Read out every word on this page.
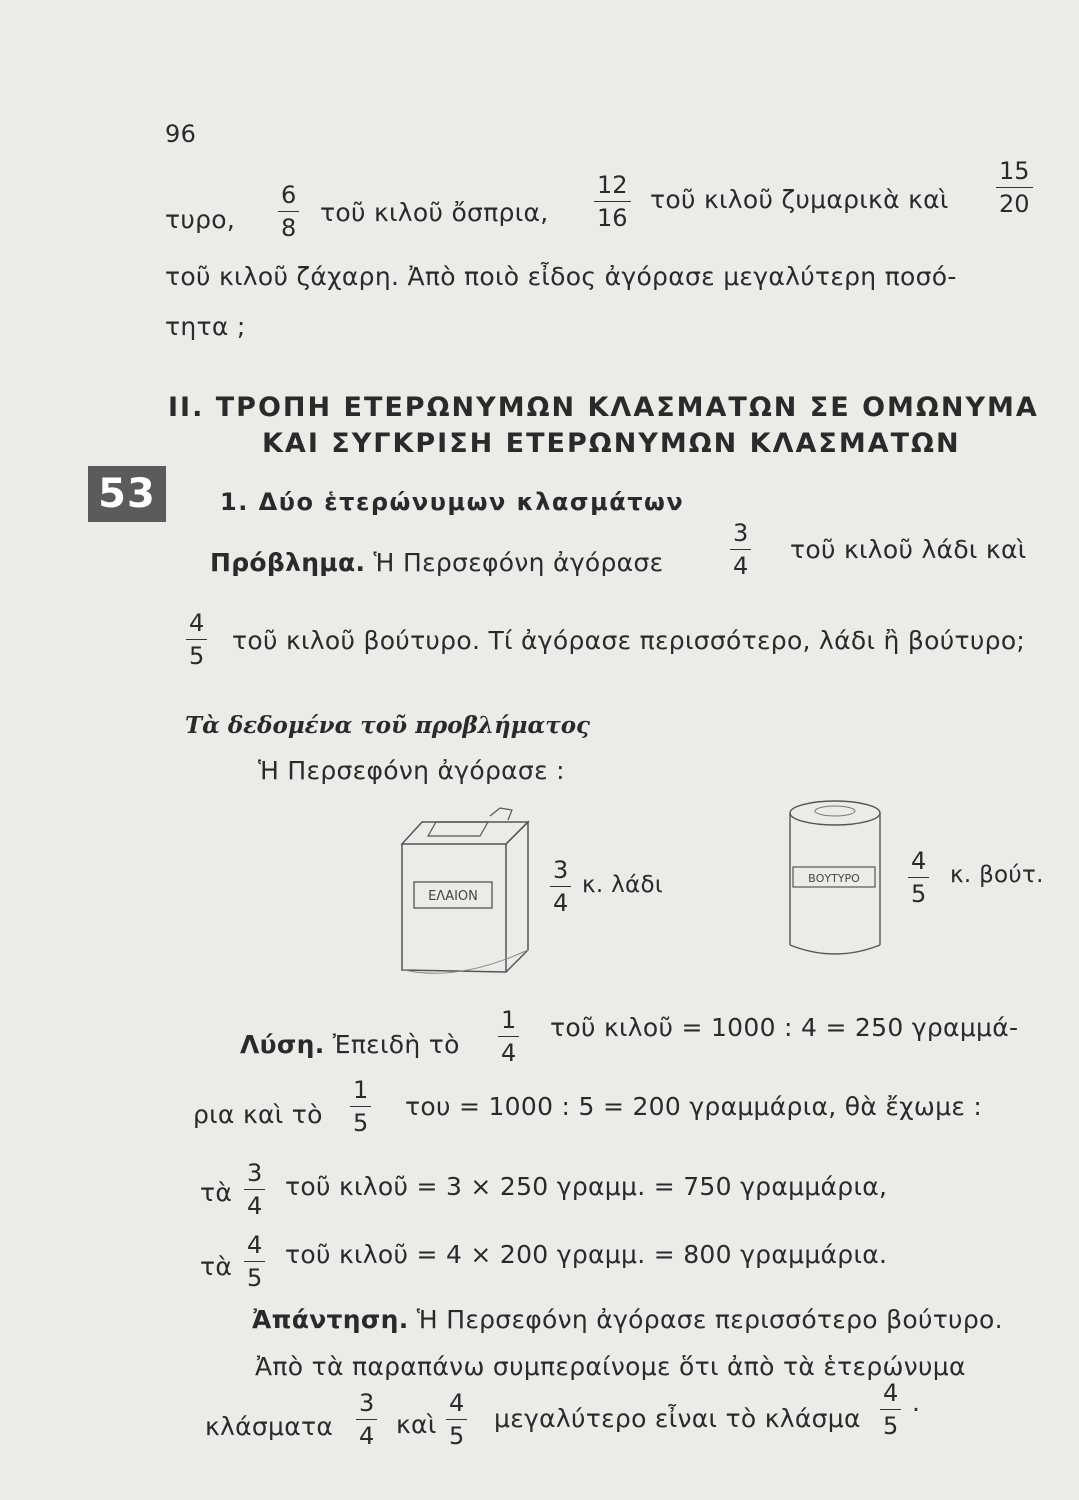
96
τυρο,
6
8
τοῦ κιλοῦ ὄσπρια,
12
16
τοῦ κιλοῦ ζυμαρικὰ καὶ
15
20
τοῦ κιλοῦ ζάχαρη. Ἀπὸ ποιὸ εἶδος ἀγόρασε μεγαλύτερη ποσό-
τητα ;
ΙΙ. ΤΡΟΠΗ ΕΤΕΡΩΝΥΜΩΝ ΚΛΑΣΜΑΤΩΝ ΣΕ ΟΜΩΝΥΜΑ
ΚΑΙ ΣΥΓΚΡΙΣΗ ΕΤΕΡΩΝΥΜΩΝ ΚΛΑΣΜΑΤΩΝ
53	1. Δύο ἑτερώνυμων κλασμάτων
Πρόβλημα. Ἡ Περσεφόνη ἀγόρασε
3
4
τοῦ κιλοῦ λάδι καὶ
4
5
τοῦ κιλοῦ βούτυρο. Τί ἀγόρασε περισσότερο, λάδι ἢ βούτυρο;
Τὰ δεδομένα τοῦ προβλήματος
Ἡ Περσεφόνη ἀγόρασε :
ΕΛΑΙΟΝ
3
4
κ. λάδι	ΒΟΥΤΥΡΟ
4
5
κ. βούτ.
Λύση. Ἐπειδὴ τὸ
1
4
τοῦ κιλοῦ = 1000 : 4 = 250 γραμμά-
ρια καὶ τὸ
1
5
του = 1000 : 5 = 200 γραμμάρια, θὰ ἔχωμε :
τὰ
3
4
τοῦ κιλοῦ = 3 × 250 γραμμ. = 750 γραμμάρια,
τὰ
4
5
τοῦ κιλοῦ = 4 × 200 γραμμ. = 800 γραμμάρια.
Ἀπάντηση. Ἡ Περσεφόνη ἀγόρασε περισσότερο βούτυρο.
Ἀπὸ τὰ παραπάνω συμπεραίνομε ὅτι ἀπὸ τὰ ἑτερώνυμα
κλάσματα
3
4 καὶ
4
5
μεγαλύτερο εἶναι τὸ κλάσμα
4
5
.
